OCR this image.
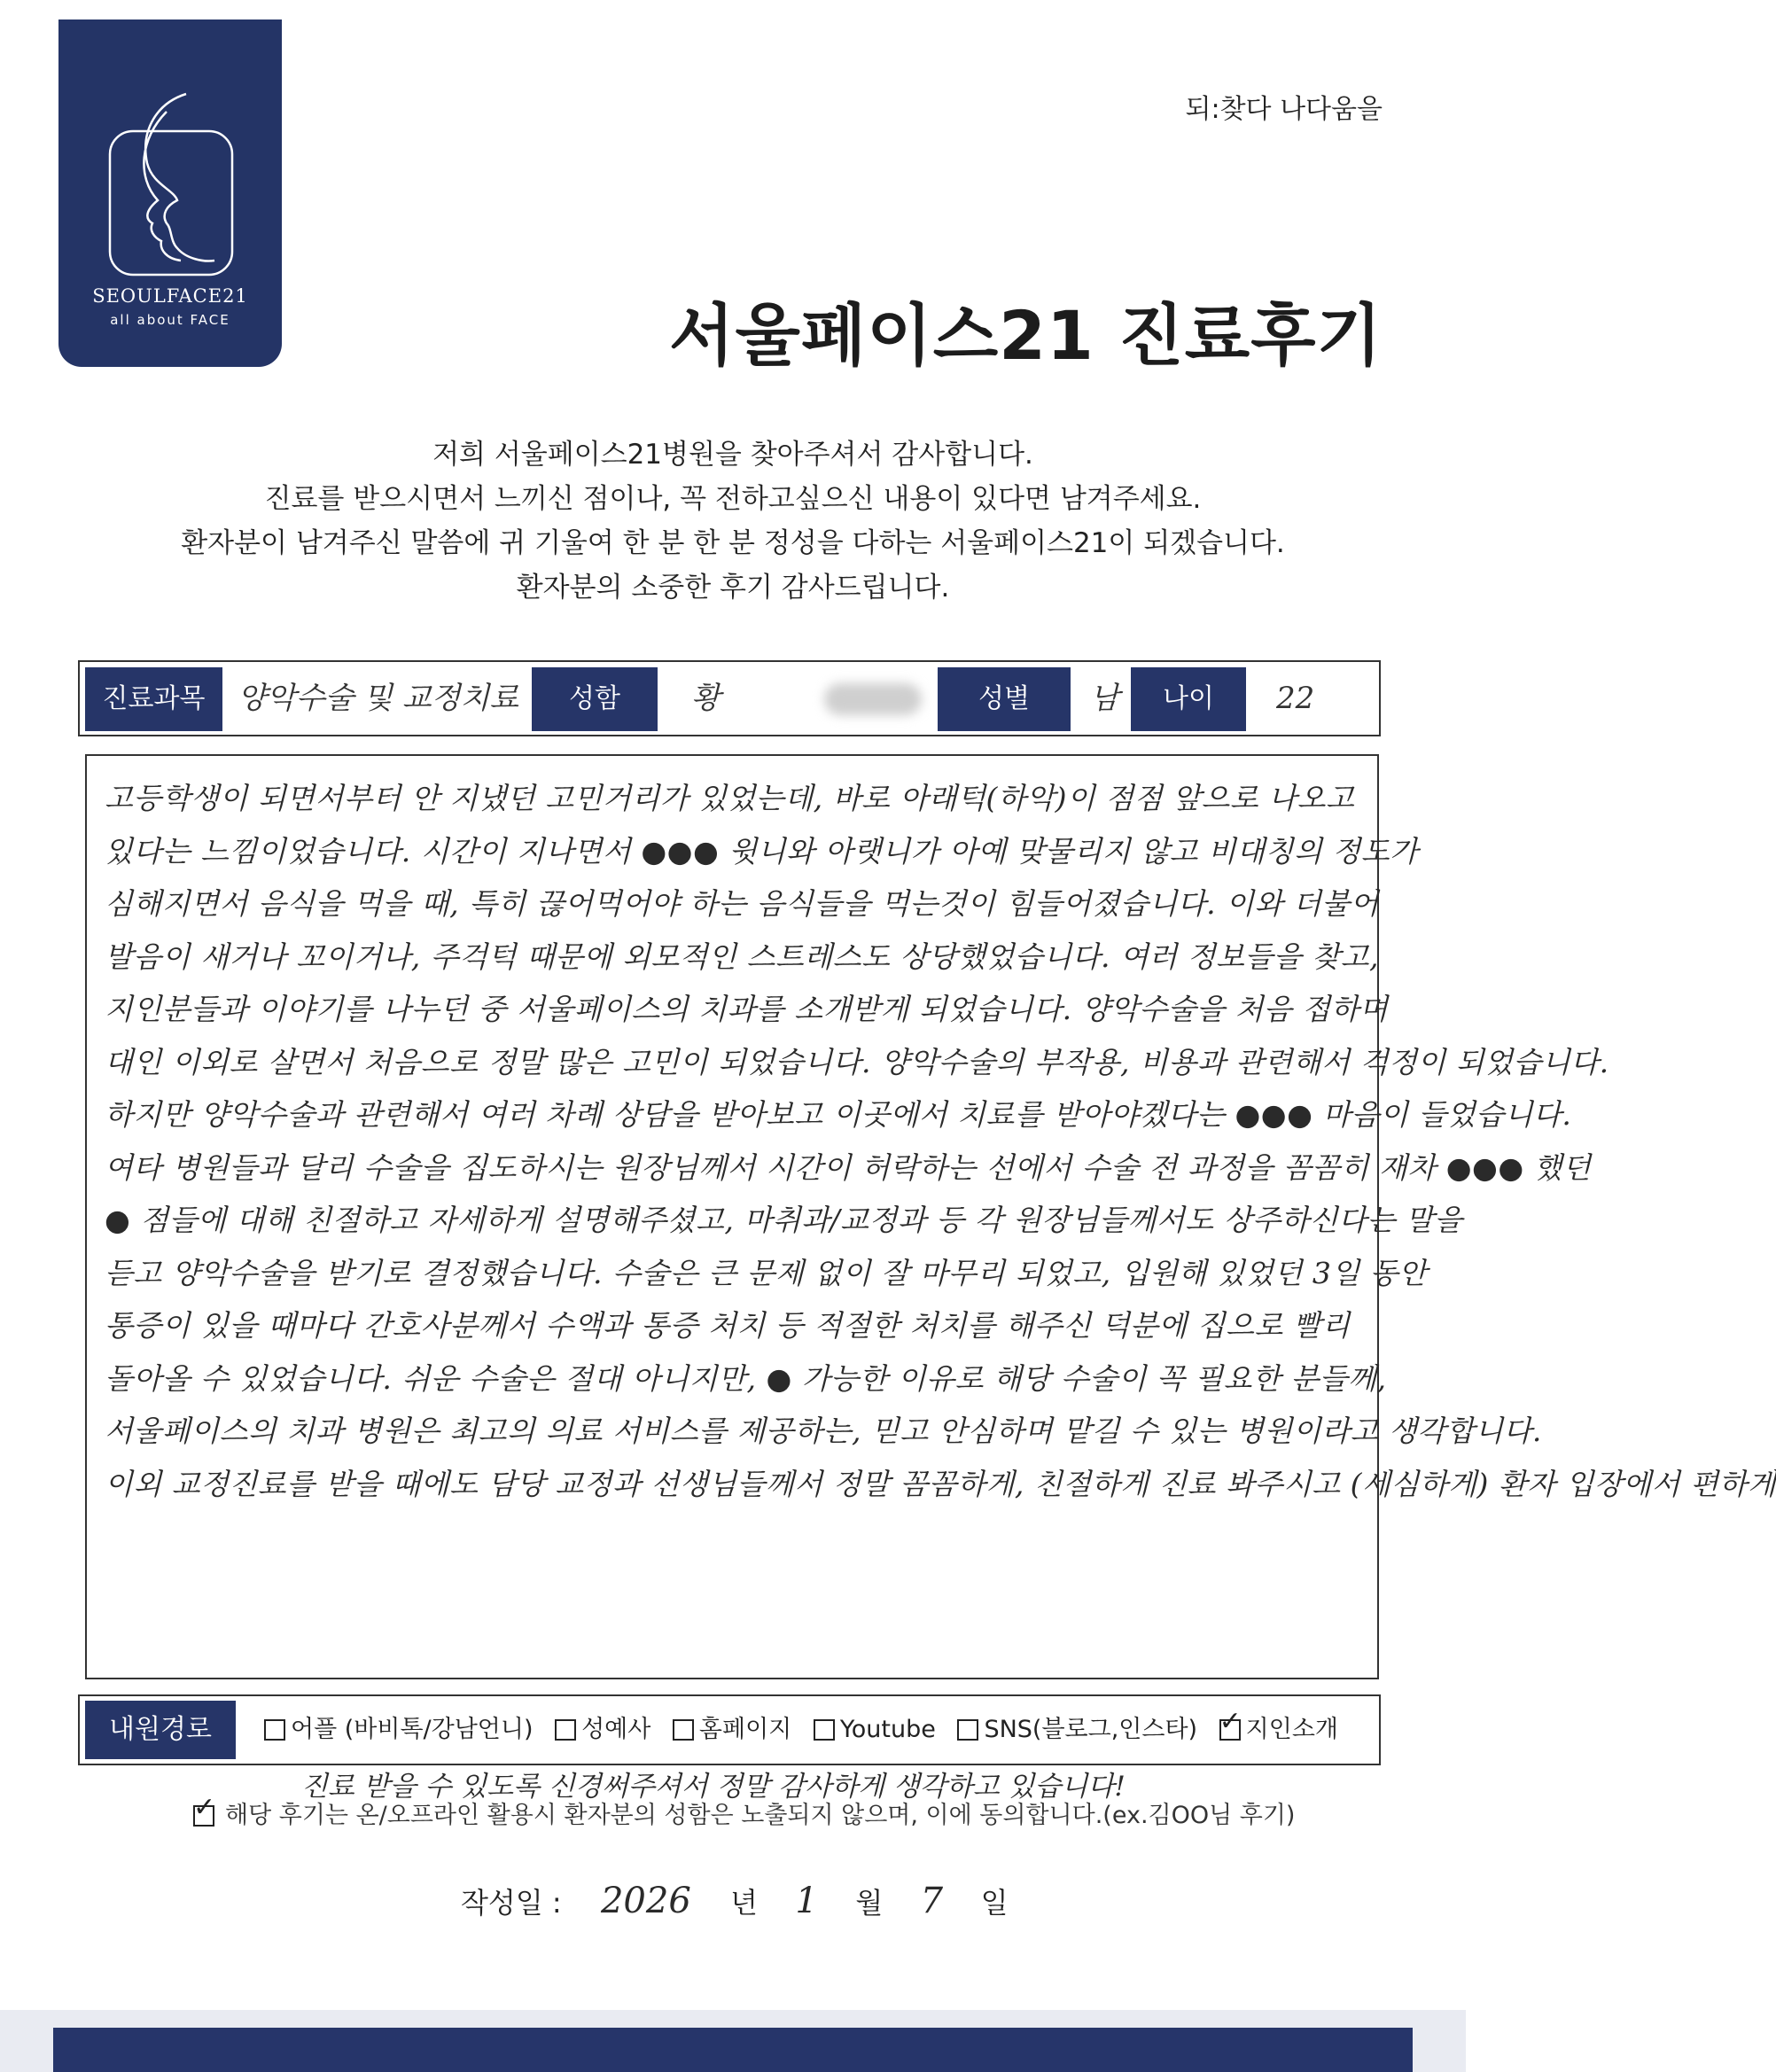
SEOULFACE21
all about FACE
되:찾다 나다움을
서울페이스21 진료후기
저희 서울페이스21병원을 찾아주셔서 감사합니다.
진료를 받으시면서 느끼신 점이나, 꼭 전하고싶으신 내용이 있다면 남겨주세요.
환자분이 남겨주신 말씀에 귀 기울여 한 분 한 분 정성을 다하는 서울페이스21이 되겠습니다.
환자분의 소중한 후기 감사드립니다.
진료과목	양악수술 및 교정치료	성함	황	성별	남	나이	22
고등학생이 되면서부터 안 지냈던 고민거리가 있었는데, 바로 아래턱(하악)이 점점 앞으로 나오고
있다는 느낌이었습니다. 시간이 지나면서 ●●● 윗니와 아랫니가 아예 맞물리지 않고 비대칭의 정도가
심해지면서 음식을 먹을 때, 특히 끊어먹어야 하는 음식들을 먹는것이 힘들어졌습니다. 이와 더불어
발음이 새거나 꼬이거나, 주걱턱 때문에 외모적인 스트레스도 상당했었습니다. 여러 정보들을 찾고,
지인분들과 이야기를 나누던 중 서울페이스의 치과를 소개받게 되었습니다. 양악수술을 처음 접하며
대인 이외로 살면서 처음으로 정말 많은 고민이 되었습니다. 양악수술의 부작용, 비용과 관련해서 걱정이 되었습니다.
하지만 양악수술과 관련해서 여러 차례 상담을 받아보고 이곳에서 치료를 받아야겠다는 ●●● 마음이 들었습니다.
여타 병원들과 달리 수술을 집도하시는 원장님께서 시간이 허락하는 선에서 수술 전 과정을 꼼꼼히 재차 ●●● 했던
● 점들에 대해 친절하고 자세하게 설명해주셨고, 마취과/교정과 등 각 원장님들께서도 상주하신다는 말을
듣고 양악수술을 받기로 결정했습니다. 수술은 큰 문제 없이 잘 마무리 되었고, 입원해 있었던 3일 동안
통증이 있을 때마다 간호사분께서 수액과 통증 처치 등 적절한 처치를 해주신 덕분에 집으로 빨리
돌아올 수 있었습니다. 쉬운 수술은 절대 아니지만, ● 가능한 이유로 해당 수술이 꼭 필요한 분들께,
서울페이스의 치과 병원은 최고의 의료 서비스를 제공하는, 믿고 안심하며 맡길 수 있는 병원이라고 생각합니다.
이외 교정진료를 받을 때에도 담당 교정과 선생님들께서 정말 꼼꼼하게, 친절하게 진료 봐주시고 (세심하게) 환자 입장에서 편하게
내원경로	어플 (바비톡/강남언니) 성예사 홈페이지 Youtube SNS(블로그,인스타) ✓ 지인소개
진료 받을 수 있도록 신경써주셔서 정말 감사하게 생각하고 있습니다!
✓해당 후기는 온/오프라인 활용시 환자분의 성함은 노출되지 않으며, 이에 동의합니다.(ex.김OO님 후기)
작성일 : 2026 년 1 월 7 일
